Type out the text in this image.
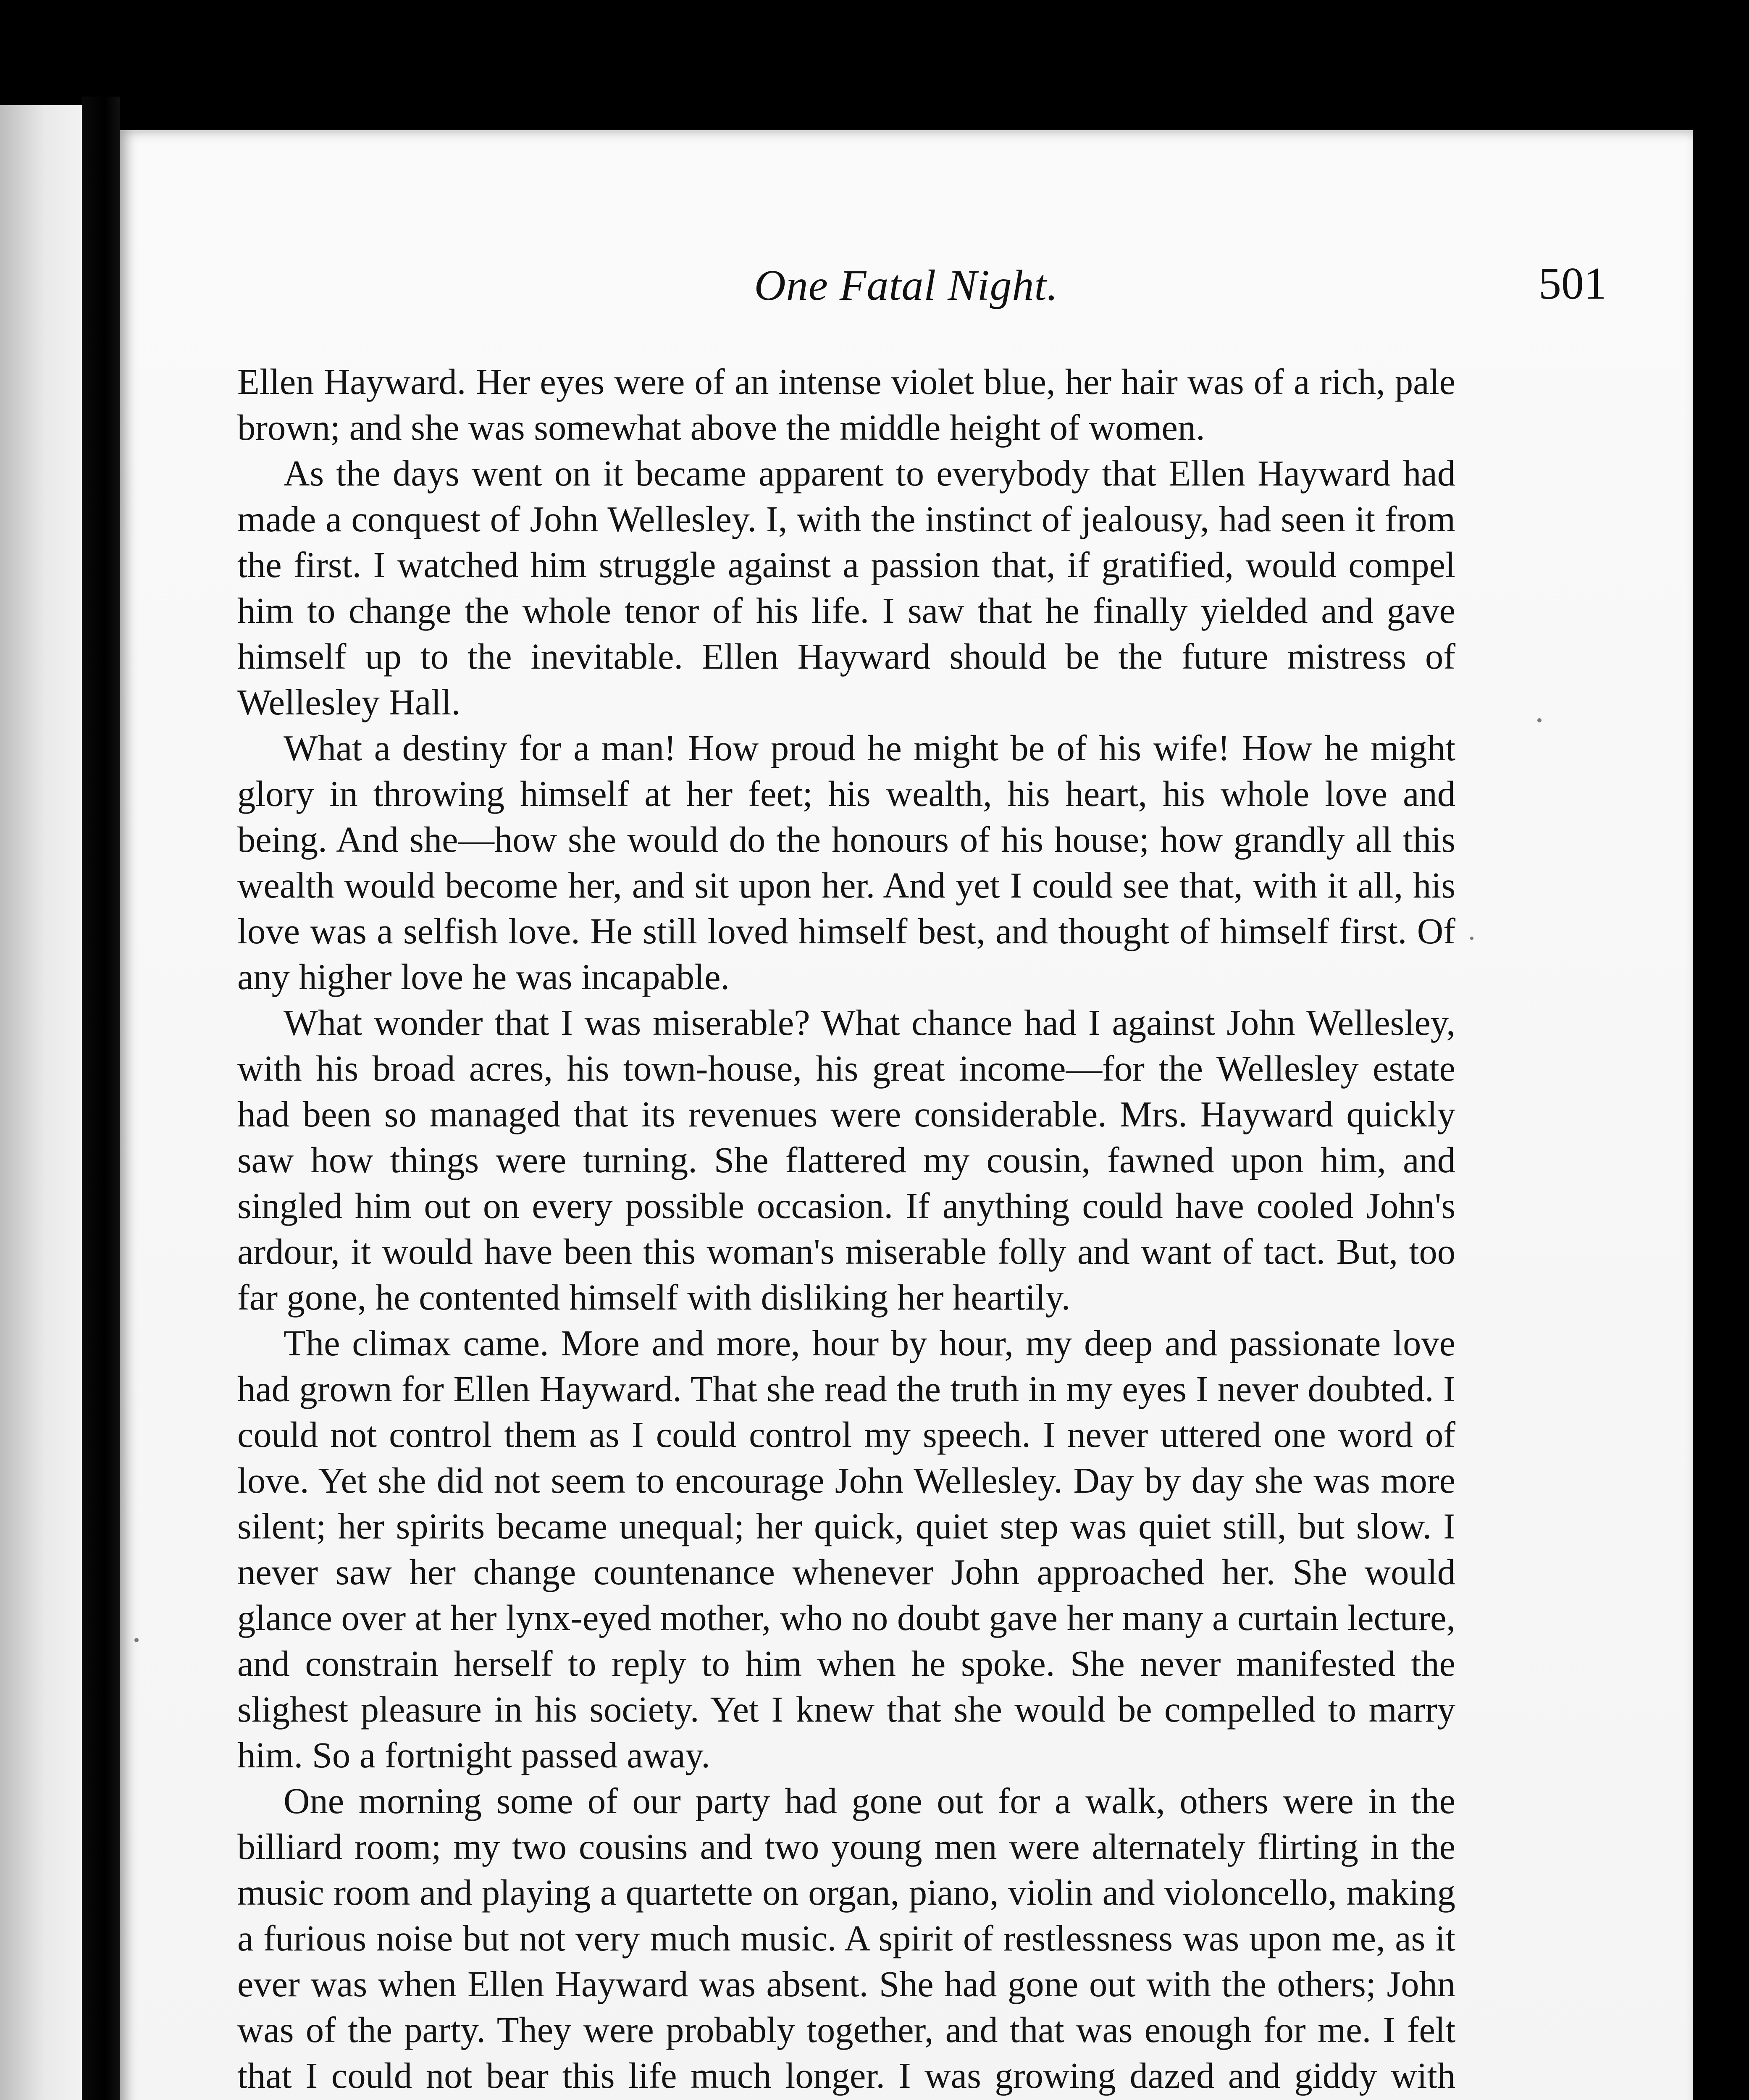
One Fatal Night.	501

Ellen Hayward. Her eyes were of an intense violet blue, her hair was of a rich, pale brown; and she was somewhat above the middle height of women.

As the days went on it became apparent to everybody that Ellen Hayward had made a conquest of John Wellesley. I, with the instinct of jealousy, had seen it from the first. I watched him struggle against a passion that, if gratified, would compel him to change the whole tenor of his life. I saw that he finally yielded and gave himself up to the inevitable. Ellen Hayward should be the future mistress of Wellesley Hall.

What a destiny for a man! How proud he might be of his wife! How he might glory in throwing himself at her feet; his wealth, his heart, his whole love and being. And she—how she would do the honours of his house; how grandly all this wealth would become her, and sit upon her. And yet I could see that, with it all, his love was a selfish love. He still loved himself best, and thought of himself first. Of any higher love he was incapable.

What wonder that I was miserable? What chance had I against John Wellesley, with his broad acres, his town-house, his great income—for the Wellesley estate had been so managed that its revenues were considerable. Mrs. Hayward quickly saw how things were turning. She flattered my cousin, fawned upon him, and singled him out on every possible occasion. If anything could have cooled John's ardour, it would have been this woman's miserable folly and want of tact. But, too far gone, he contented himself with disliking her heartily.

The climax came. More and more, hour by hour, my deep and passionate love had grown for Ellen Hayward. That she read the truth in my eyes I never doubted. I could not control them as I could control my speech. I never uttered one word of love. Yet she did not seem to encourage John Wellesley. Day by day she was more silent; her spirits became unequal; her quick, quiet step was quiet still, but slow. I never saw her change countenance whenever John approached her. She would glance over at her lynx-eyed mother, who no doubt gave her many a curtain lecture, and constrain herself to reply to him when he spoke. She never manifested the slighest pleasure in his society. Yet I knew that she would be compelled to marry him. So a fortnight passed away.

One morning some of our party had gone out for a walk, others were in the billiard room; my two cousins and two young men were alternately flirting in the music room and playing a quartette on organ, piano, violin and violoncello, making a furious noise but not very much music. A spirit of restlessness was upon me, as it ever was when Ellen Hayward was absent. She had gone out with the others; John was of the party. They were probably together, and that was enough for me. I felt that I could not bear this life much longer. I was growing dazed and giddy with
